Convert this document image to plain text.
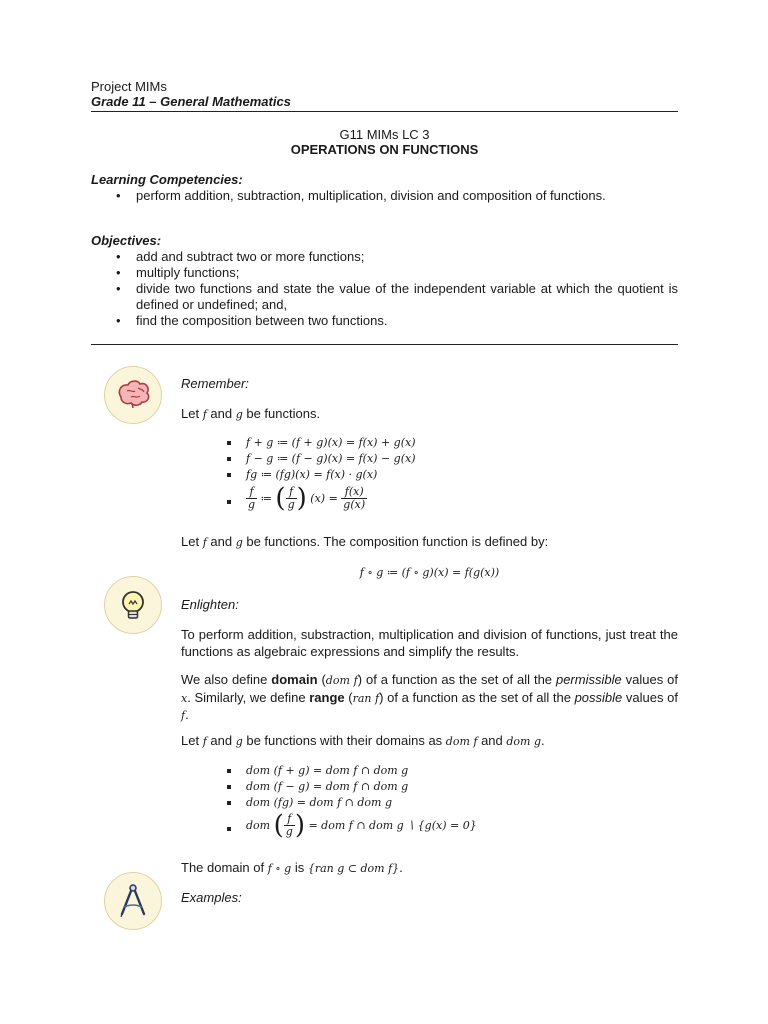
Project MIMs
Grade 11 – General Mathematics
G11 MIMs LC 3
OPERATIONS ON FUNCTIONS
Learning Competencies:
• perform addition, subtraction, multiplication, division and composition of functions.
Objectives:
• add and subtract two or more functions;
• multiply functions;
• divide two functions and state the value of the independent variable at which the quotient is defined or undefined; and,
• find the composition between two functions.
Remember:
Let f and g be functions.
f + g ≔ (f + g)(x) = f(x) + g(x)
f − g ≔ (f − g)(x) = f(x) − g(x)
fg ≔ (fg)(x) = f(x) · g(x)
$\frac{f}{g}$ ≔ ( $\frac{f}{g}$ ) $(x) = \frac{f(x)}{g(x)}$
Let f and g be functions. The composition function is defined by:
f ∘ g ≔ (f ∘ g)(x) = f(g(x))
Enlighten:
To perform addition, substraction, multiplication and division of functions, just treat the functions as algebraic expressions and simplify the results.
We also define domain (dom f) of a function as the set of all the permissible values of x. Similarly, we define range (ran f) of a function as the set of all the possible values of f.
Let f and g be functions with their domains as dom f and dom g.
dom (f + g) = dom f ∩ dom g
dom (f − g) = dom f ∩ dom g
dom (fg) = dom f ∩ dom g
dom ( $\frac{f}{g}$ ) = dom f ∩ dom g ∖ {g(x) = 0}
The domain of f ∘ g is {ran g ⊂ dom f}.
Examples:
